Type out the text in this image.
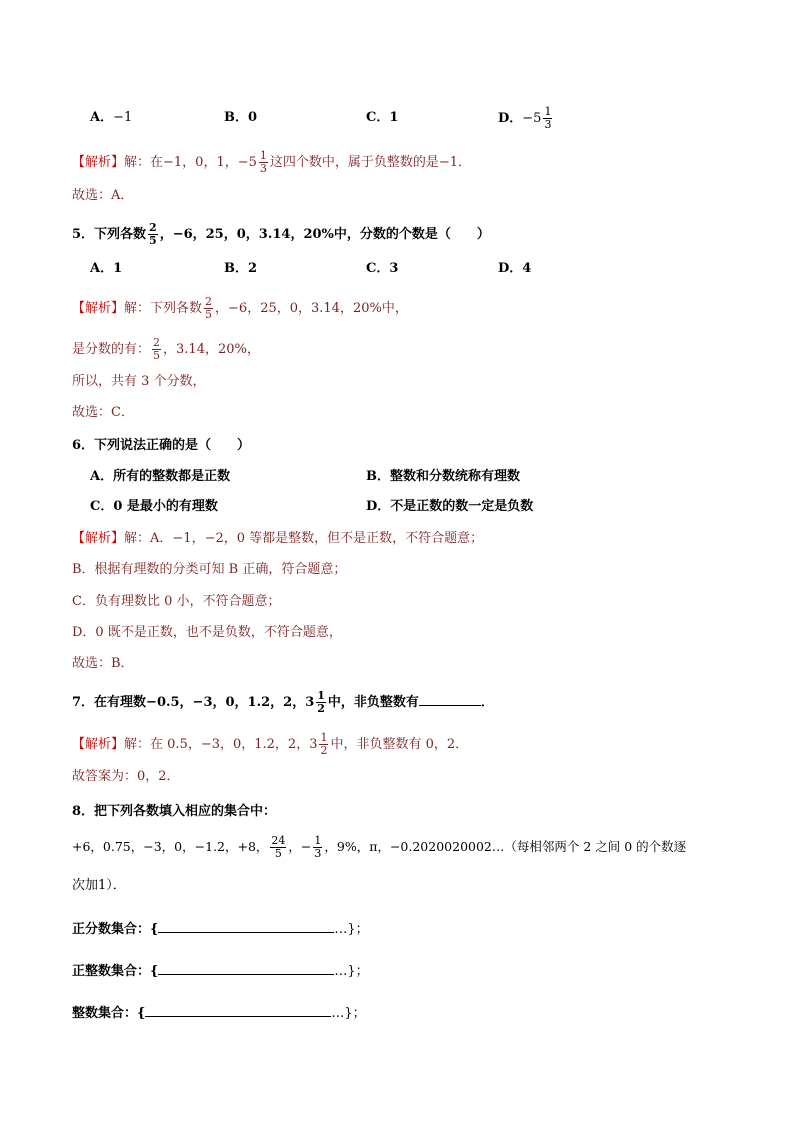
A．−1	B．0	C．1	D．$-5 \frac{1}{3}$
【解析】解：在−1，0，1，$-5 \frac{1}{3}$ 这四个数中，属于负整数的是−1．
故选：A．
5．下列各数 $\frac{2}{5}$ ，−6，25，0，3.14，20%中，分数的个数是（　　）
A．1	B．2	C．3	D．4
【解析】解：下列各数 $\frac{2}{5}$ ，−6，25，0，3.14，20%中，
是分数的有： $\frac{2}{5}$ ，3.14，20%，
所以，共有 3 个分数，
故选：C．
6．下列说法正确的是（　　）
A．所有的整数都是正数	B．整数和分数统称有理数
C．0 是最小的有理数	D．不是正数的数一定是负数
【解析】解：A．−1，−2，0 等都是整数，但不是正数，不符合题意；
B．根据有理数的分类可知 B 正确，符合题意；
C．负有理数比 0 小，不符合题意；
D．0 既不是正数，也不是负数，不符合题意，
故选：B．
7．在有理数−0.5，−3，0，1.2，2，$3 \frac{1}{2}$ 中，非负整数有	．
【解析】解：在 0.5，−3，0，1.2，2，$3 \frac{1}{2}$ 中，非负整数有 0，2．
故答案为：0，2．
8．把下列各数填入相应的集合中：
+6，0.75，−3，0，−1.2，+8， $\frac{24}{5}$ ，− $\frac{1}{3}$ ，9%，π，−0.2020020002…（每相邻两个 2 之间 0 的个数逐
次加1）．
正分数集合：{	…}；
正整数集合：{	…}；
整数集合：{	…}；
